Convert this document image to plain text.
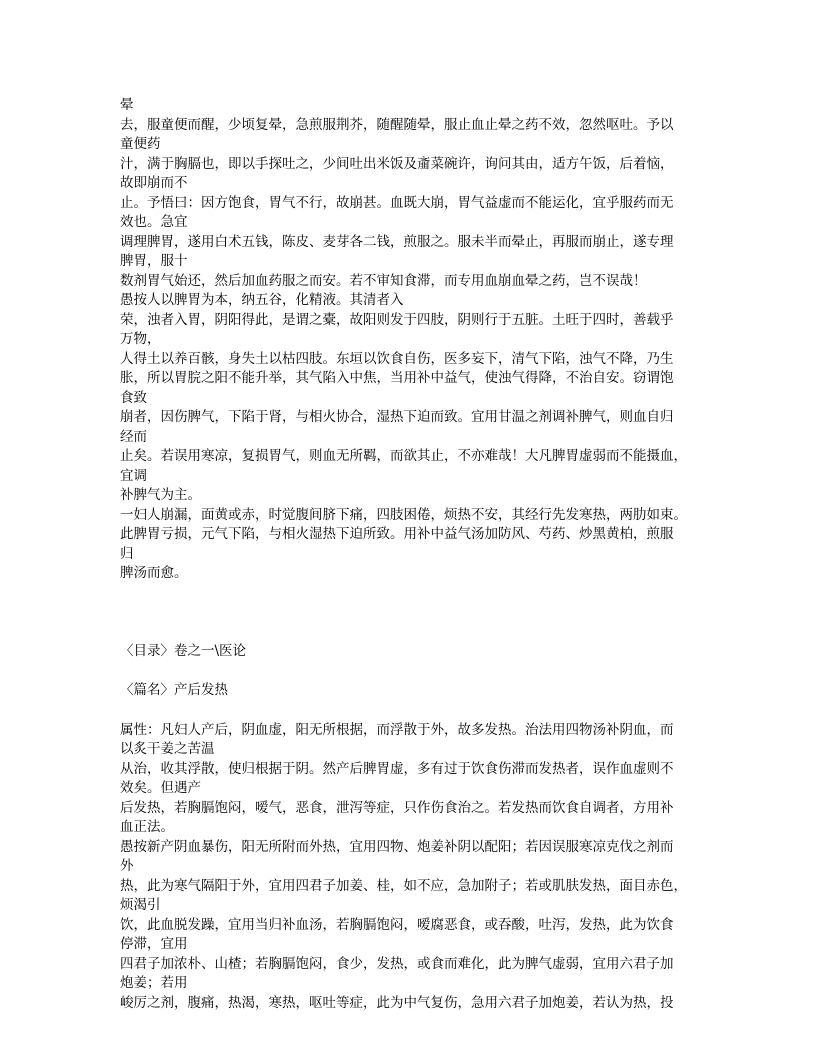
晕

去，服童便而醒，少顷复晕，急煎服荆芥，随醒随晕，服止血止晕之药不效，忽然呕吐。予以

童便药

汁，满于胸膈也，即以手探吐之，少间吐出米饭及齑菜碗许，询问其由，适方午饭，后着恼，

故即崩而不

止。予悟曰：因方饱食，胃气不行，故崩甚。血既大崩，胃气益虚而不能运化，宜乎服药而无

效也。急宜

调理脾胃，遂用白术五钱，陈皮、麦芽各二钱，煎服之。服未半而晕止，再服而崩止，遂专理

脾胃，服十

数剂胃气始还，然后加血药服之而安。若不审知食滞，而专用血崩血晕之药，岂不误哉！

愚按人以脾胃为本，纳五谷，化精液。其清者入

荣，浊者入胃，阴阳得此，是谓之橐，故阳则发于四肢，阴则行于五脏。土旺于四时，善载乎

万物，

人得土以养百骸，身失土以枯四肢。东垣以饮食自伤，医多妄下，清气下陷，浊气不降，乃生

胀，所以胃脘之阳不能升举，其气陷入中焦，当用补中益气，使浊气得降，不治自安。窃谓饱

食致

崩者，因伤脾气，下陷于肾，与相火协合，湿热下迫而致。宜用甘温之剂调补脾气，则血自归

经而

止矣。若误用寒凉，复损胃气，则血无所羁，而欲其止，不亦难哉！大凡脾胃虚弱而不能摄血，

宜调

补脾气为主。

一妇人崩漏，面黄或赤，时觉腹间脐下痛，四肢困倦，烦热不安，其经行先发寒热，两肋如束。

此脾胃亏损，元气下陷，与相火湿热下迫所致。用补中益气汤加防风、芍药、炒黑黄柏，煎服

归

脾汤而愈。

〈目录〉卷之一\医论

〈篇名〉产后发热

属性：凡妇人产后，阴血虚，阳无所根据，而浮散于外，故多发热。治法用四物汤补阴血，而

以炙干姜之苦温

从治，收其浮散，使归根据于阴。然产后脾胃虚，多有过于饮食伤滞而发热者，误作血虚则不

效矣。但遇产

后发热，若胸膈饱闷，嗳气，恶食，泄泻等症，只作伤食治之。若发热而饮食自调者，方用补

血正法。

愚按新产阴血暴伤，阳无所附而外热，宜用四物、炮姜补阴以配阳；若因误服寒凉克伐之剂而

外

热，此为寒气隔阳于外，宜用四君子加姜、桂，如不应，急加附子；若或肌肤发热，面目赤色，

烦渴引

饮，此血脱发躁，宜用当归补血汤，若胸膈饱闷，嗳腐恶食，或吞酸，吐泻，发热，此为饮食

停滞，宜用

四君子加浓朴、山楂；若胸膈饱闷，食少，发热，或食而难化，此为脾气虚弱，宜用六君子加

炮姜；若用

峻厉之剂，腹痛，热渴，寒热，呕吐等症，此为中气复伤，急用六君子加炮姜，若认为热，投
